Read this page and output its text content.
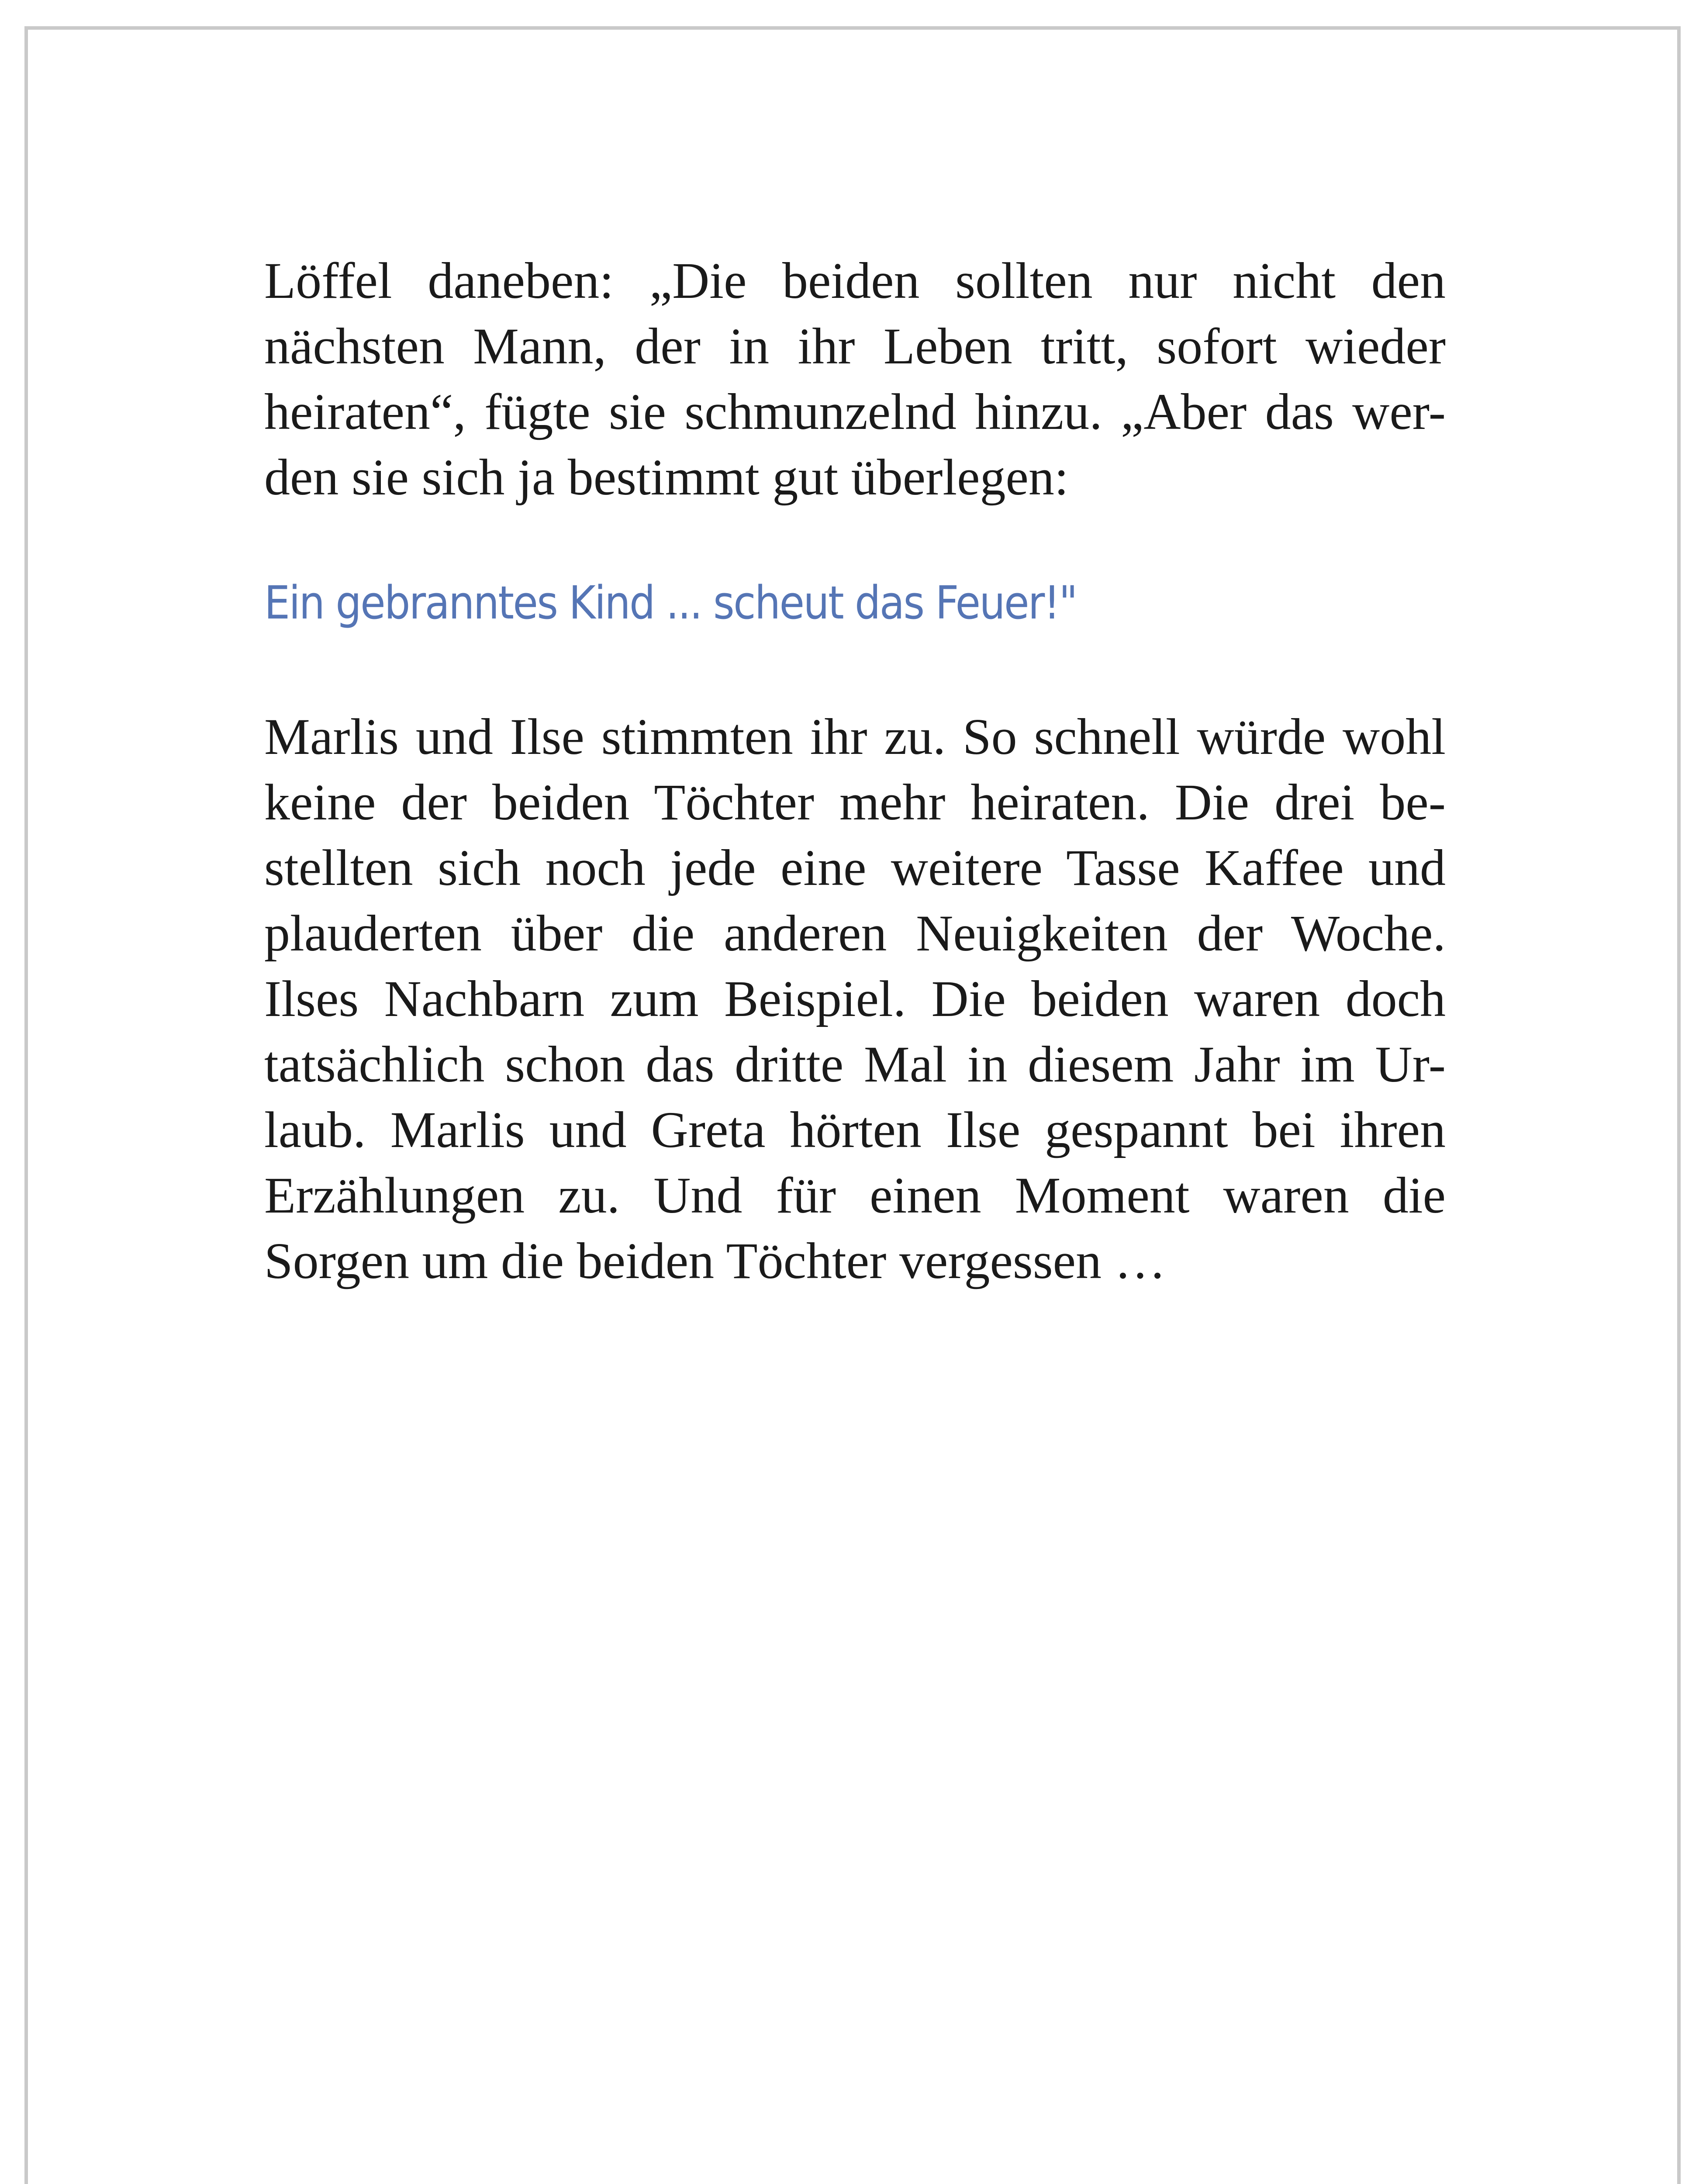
Löffel daneben: „Die beiden sollten nur nicht den
nächsten Mann, der in ihr Leben tritt, sofort wieder
heiraten“, fügte sie schmunzelnd hinzu. „Aber das wer-
den sie sich ja bestimmt gut überlegen:

Ein gebranntes Kind ... scheut das Feuer!"

Marlis und Ilse stimmten ihr zu. So schnell würde wohl
keine der beiden Töchter mehr heiraten. Die drei be-
stellten sich noch jede eine weitere Tasse Kaffee und
plauderten über die anderen Neuigkeiten der Woche.
Ilses Nachbarn zum Beispiel. Die beiden waren doch
tatsächlich schon das dritte Mal in diesem Jahr im Ur-
laub. Marlis und Greta hörten Ilse gespannt bei ihren
Erzählungen zu. Und für einen Moment waren die
Sorgen um die beiden Töchter vergessen …
